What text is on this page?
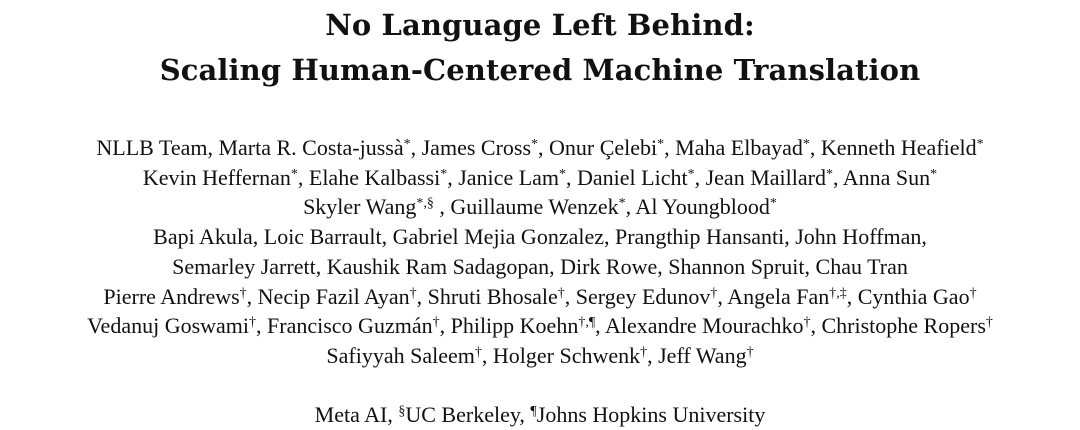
No Language Left Behind:
Scaling Human-Centered Machine Translation
NLLB Team, Marta R. Costa-jussà*, James Cross*, Onur Çelebi*, Maha Elbayad*, Kenneth Heafield*
Kevin Heffernan*, Elahe Kalbassi*, Janice Lam*, Daniel Licht*, Jean Maillard*, Anna Sun*
Skyler Wang*,§ , Guillaume Wenzek*, Al Youngblood*
Bapi Akula, Loic Barrault, Gabriel Mejia Gonzalez, Prangthip Hansanti, John Hoffman,
Semarley Jarrett, Kaushik Ram Sadagopan, Dirk Rowe, Shannon Spruit, Chau Tran
Pierre Andrews†, Necip Fazil Ayan†, Shruti Bhosale†, Sergey Edunov†, Angela Fan†,‡, Cynthia Gao†
Vedanuj Goswami†, Francisco Guzmán†, Philipp Koehn†,¶, Alexandre Mourachko†, Christophe Ropers†
Safiyyah Saleem†, Holger Schwenk†, Jeff Wang†
Meta AI, §UC Berkeley, ¶Johns Hopkins University
